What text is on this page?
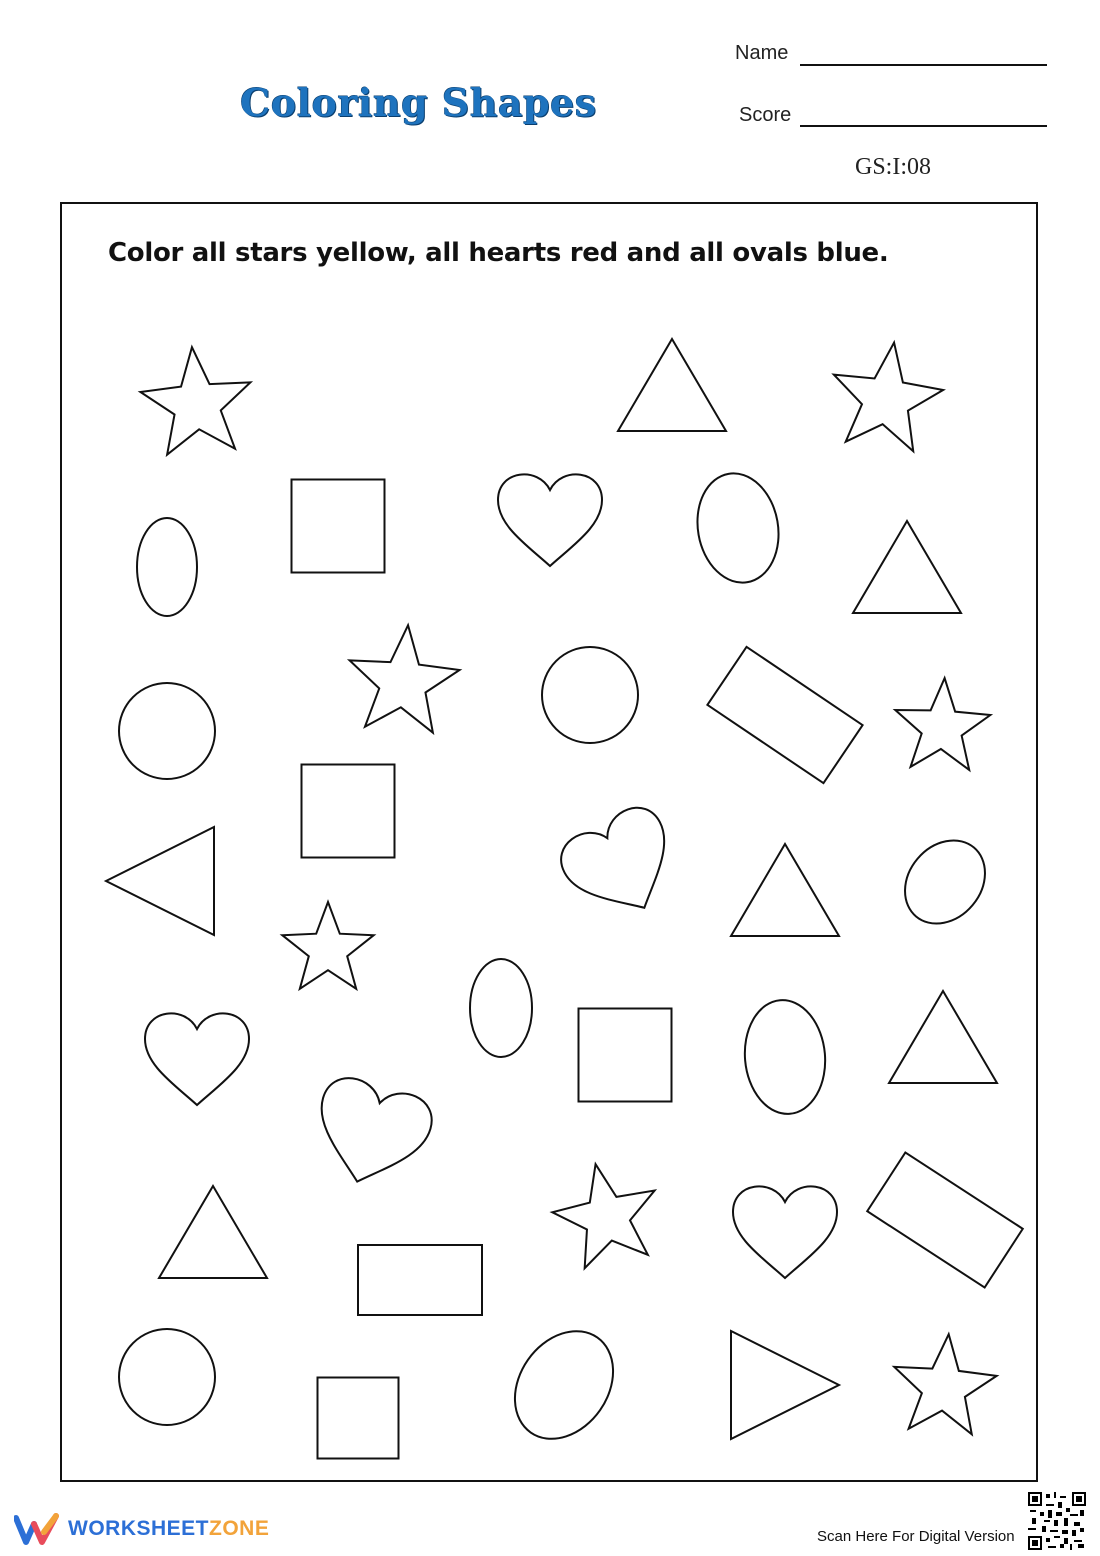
Coloring Shapes
Name
Score
GS:I:08
Color all stars yellow, all hearts red and all ovals blue.
WORKSHEETZONE	Scan Here For Digital Version
